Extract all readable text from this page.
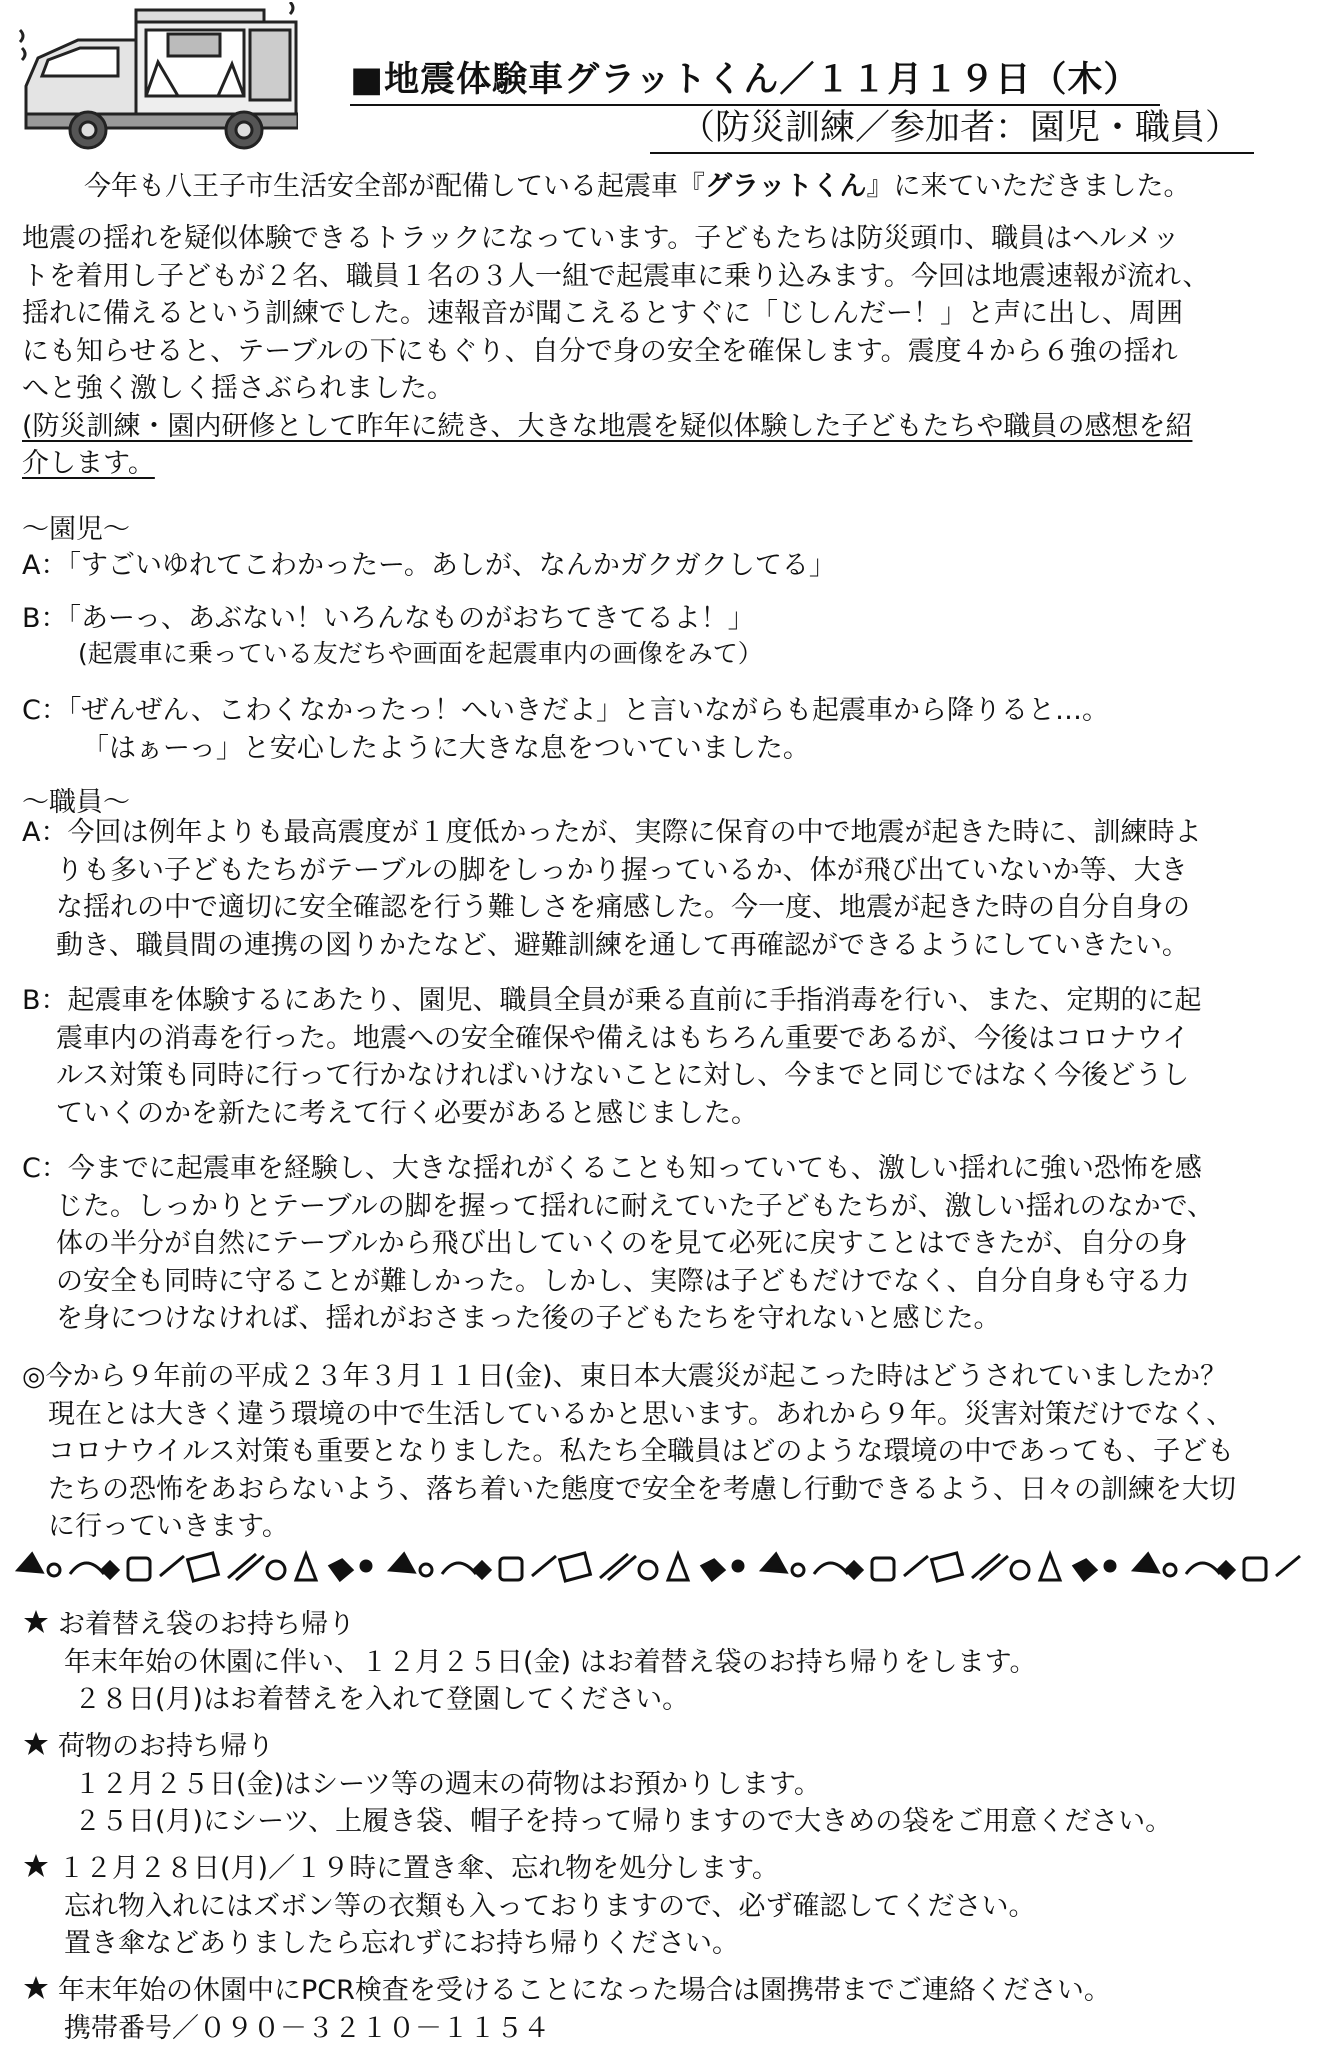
■地震体験車グラットくん／１１月１９日（木）
（防災訓練／参加者：園児・職員）
今年も八王子市生活安全部が配備している起震車『グラットくん』に来ていただきました。
地震の揺れを疑似体験できるトラックになっています。子どもたちは防災頭巾、職員はヘルメッ
トを着用し子どもが２名、職員１名の３人一組で起震車に乗り込みます。今回は地震速報が流れ、
揺れに備えるという訓練でした。速報音が聞こえるとすぐに「じしんだー！」と声に出し、周囲
にも知らせると、テーブルの下にもぐり、自分で身の安全を確保します。震度４から６強の揺れ
へと強く激しく揺さぶられました。
(防災訓練・園内研修として昨年に続き、大きな地震を疑似体験した子どもたちや職員の感想を紹
介します。
～園児～
A：「すごいゆれてこわかったー。あしが、なんかガクガクしてる」
B：「あーっ、あぶない！いろんなものがおちてきてるよ！」
(起震車に乗っている友だちや画面を起震車内の画像をみて）
C：「ぜんぜん、こわくなかったっ！へいきだよ」と言いながらも起震車から降りると…。
「はぁーっ」と安心したように大きな息をついていました。
～職員～
A：今回は例年よりも最高震度が１度低かったが、実際に保育の中で地震が起きた時に、訓練時よ
りも多い子どもたちがテーブルの脚をしっかり握っているか、体が飛び出ていないか等、大き
な揺れの中で適切に安全確認を行う難しさを痛感した。今一度、地震が起きた時の自分自身の
動き、職員間の連携の図りかたなど、避難訓練を通して再確認ができるようにしていきたい。
B：起震車を体験するにあたり、園児、職員全員が乗る直前に手指消毒を行い、また、定期的に起
震車内の消毒を行った。地震への安全確保や備えはもちろん重要であるが、今後はコロナウイ
ルス対策も同時に行って行かなければいけないことに対し、今までと同じではなく今後どうし
ていくのかを新たに考えて行く必要があると感じました。
C：今までに起震車を経験し、大きな揺れがくることも知っていても、激しい揺れに強い恐怖を感
じた。しっかりとテーブルの脚を握って揺れに耐えていた子どもたちが、激しい揺れのなかで、
体の半分が自然にテーブルから飛び出していくのを見て必死に戻すことはできたが、自分の身
の安全も同時に守ることが難しかった。しかし、実際は子どもだけでなく、自分自身も守る力
を身につけなければ、揺れがおさまった後の子どもたちを守れないと感じた。
◎今から９年前の平成２３年３月１１日(金)、東日本大震災が起こった時はどうされていましたか？
現在とは大きく違う環境の中で生活しているかと思います。あれから９年。災害対策だけでなく、
コロナウイルス対策も重要となりました。私たち全職員はどのような環境の中であっても、子ども
たちの恐怖をあおらないよう、落ち着いた態度で安全を考慮し行動できるよう、日々の訓練を大切
に行っていきます。
お着替え袋のお持ち帰り
年末年始の休園に伴い、１２月２５日(金) はお着替え袋のお持ち帰りをします。
２８日(月)はお着替えを入れて登園してください。
荷物のお持ち帰り
１２月２５日(金)はシーツ等の週末の荷物はお預かりします。
２５日(月)にシーツ、上履き袋、帽子を持って帰りますので大きめの袋をご用意ください。
１２月２８日(月)／１９時に置き傘、忘れ物を処分します。
忘れ物入れにはズボン等の衣類も入っておりますので、必ず確認してください。
置き傘などありましたら忘れずにお持ち帰りください。
年末年始の休園中にPCR検査を受けることになった場合は園携帯までご連絡ください。
携帯番号／０９０－３２１０－１１５４
